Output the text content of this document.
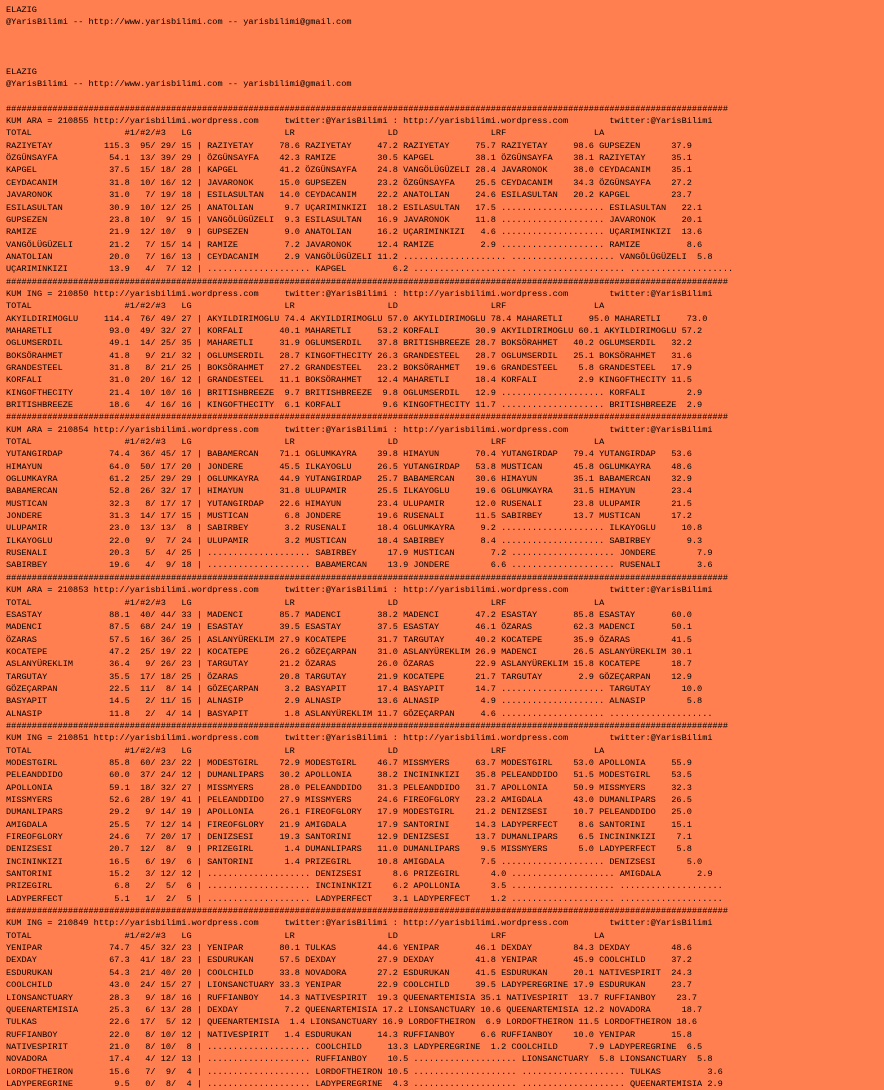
ELAZIG
@YarisBilimi -- http://www.yarisbilimi.com -- yarisbilimi@gmail.com
ELAZIG
@YarisBilimi -- http://www.yarisbilimi.com -- yarisbilimi@gmail.com
############################################################################################################################################
KUM ARA = 210855 http://yarisbilimi.wordpress.com     twitter:@YarisBilimi : http://yarisbilimi.wordpress.com        twitter:@YarisBilimi
TOTAL                  #1/#2/#3   LG                  LR                  LD                  LRF                 LA
RAZIYETAY          115.3  95/ 29/ 15 | RAZIYETAY     78.6 RAZIYETAY     47.2 RAZIYETAY     75.7 RAZIYETAY     98.6 GUPSEZEN      37.9
ÖZGÜNSAYFA          54.1  13/ 39/ 29 | ÖZGÜNSAYFA    42.3 RAMIZE        30.5 KAPGEL        38.1 ÖZGÜNSAYFA    38.1 RAZIYETAY     35.1
KAPGEL              37.5  15/ 18/ 28 | KAPGEL        41.2 ÖZGÜNSAYFA    24.8 VANGÖLÜGÜZELI 28.4 JAVARONOK     38.0 CEYDACANIM    35.1
CEYDACANIM          31.8  10/ 16/ 12 | JAVARONOK     15.0 GUPSEZEN      23.2 ÖZGÜNSAYFA    25.5 CEYDACANIM    34.3 ÖZGÜNSAYFA    27.2
JAVARONOK           31.0   7/ 19/ 18 | ESILASULTAN   14.0 CEYDACANIM    22.2 ANATOLIAN     24.6 ESILASULTAN   20.2 KAPGEL        23.7
ESILASULTAN         30.9  10/ 12/ 25 | ANATOLIAN      9.7 UÇARIMINKIZI  18.2 ESILASULTAN   17.5 .................... ESILASULTAN   22.1
GUPSEZEN            23.8  10/  9/ 15 | VANGÖLÜGÜZELI  9.3 ESILASULTAN   16.9 JAVARONOK     11.8 .................... JAVARONOK     20.1
RAMIZE              21.9  12/ 10/  9 | GUPSEZEN       9.0 ANATOLIAN     16.2 UÇARIMINKIZI   4.6 .................... UÇARIMINKIZI  13.6
VANGÖLÜGÜZELI       21.2   7/ 15/ 14 | RAMIZE         7.2 JAVARONOK     12.4 RAMIZE         2.9 .................... RAMIZE         8.6
ANATOLIAN           20.0   7/ 16/ 13 | CEYDACANIM     2.9 VANGÖLÜGÜZELI 11.2 .................... .................... VANGÖLÜGÜZELI  5.8
UÇARIMINKIZI        13.9   4/  7/ 12 | .................... KAPGEL         6.2 .................... .................... ....................
############################################################################################################################################
KUM ING = 210850 http://yarisbilimi.wordpress.com     twitter:@YarisBilimi : http://yarisbilimi.wordpress.com        twitter:@YarisBilimi
TOTAL                  #1/#2/#3   LG                  LR                  LD                  LRF                 LA
AKYILDIRIMOGLU     114.4  76/ 49/ 27 | AKYILDIRIMOGLU 74.4 AKYILDIRIMOGLU 57.0 AKYILDIRIMOGLU 78.4 MAHARETLI     95.0 MAHARETLI     73.0
MAHARETLI           93.0  49/ 32/ 27 | KORFALI       40.1 MAHARETLI     53.2 KORFALI       30.9 AKYILDIRIMOGLU 60.1 AKYILDIRIMOGLU 57.2
OGLUMSERDIL         49.1  14/ 25/ 35 | MAHARETLI     31.9 OGLUMSERDIL   37.8 BRITISHBREEZE 28.7 BOKSÖRAHMET   40.2 OGLUMSERDIL   32.2
BOKSÖRAHMET         41.8   9/ 21/ 32 | OGLUMSERDIL   28.7 KINGOFTHECITY 26.3 GRANDESTEEL   28.7 OGLUMSERDIL   25.1 BOKSÖRAHMET   31.6
GRANDESTEEL         31.8   8/ 21/ 25 | BOKSÖRAHMET   27.2 GRANDESTEEL   23.2 BOKSÖRAHMET   19.6 GRANDESTEEL    5.8 GRANDESTEEL   17.9
KORFALI             31.0  20/ 16/ 12 | GRANDESTEEL   11.1 BOKSÖRAHMET   12.4 MAHARETLI     18.4 KORFALI        2.9 KINGOFTHECITY 11.5
KINGOFTHECITY       21.4  10/ 10/ 16 | BRITISHBREEZE  9.7 BRITISHBREEZE  9.8 OGLUMSERDIL   12.9 .................... KORFALI        2.9
BRITISHBREEZE       18.6   4/ 16/ 16 | KINGOFTHECITY  6.1 KORFALI        9.6 KINGOFTHECITY 11.7 .................... BRITISHBREEZE  2.9
############################################################################################################################################
KUM ARA = 210854 http://yarisbilimi.wordpress.com     twitter:@YarisBilimi : http://yarisbilimi.wordpress.com        twitter:@YarisBilimi
TOTAL                  #1/#2/#3   LG                  LR                  LD                  LRF                 LA
YUTANGIRDAP         74.4  36/ 45/ 17 | BABAMERCAN    71.1 OGLUMKAYRA    39.8 HIMAYUN       70.4 YUTANGIRDAP   79.4 YUTANGIRDAP   53.6
HIMAYUN             64.0  50/ 17/ 20 | JONDERE       45.5 ILKAYOGLU     26.5 YUTANGIRDAP   53.8 MUSTICAN      45.8 OGLUMKAYRA    48.6
OGLUMKAYRA          61.2  25/ 29/ 29 | OGLUMKAYRA    44.9 YUTANGIRDAP   25.7 BABAMERCAN    30.6 HIMAYUN       35.1 BABAMERCAN    32.9
BABAMERCAN          52.8  26/ 32/ 17 | HIMAYUN       31.8 ULUPAMIR      25.5 ILKAYOGLU     19.6 OGLUMKAYRA    31.5 HIMAYUN       23.4
MUSTICAN            32.3   8/ 17/ 17 | YUTANGIRDAP   22.6 HIMAYUN       23.4 ULUPAMIR      12.0 RUSENALI      23.8 ULUPAMIR      21.5
JONDERE             31.3  14/ 17/ 15 | MUSTICAN       6.8 JONDERE       19.6 RUSENALI      11.5 SABIRBEY      13.7 MUSTICAN      17.2
ULUPAMIR            23.0  13/ 13/  8 | SABIRBEY       3.2 RUSENALI      18.4 OGLUMKAYRA     9.2 .................... ILKAYOGLU     10.8
ILKAYOGLU           22.0   9/  7/ 24 | ULUPAMIR       3.2 MUSTICAN      18.4 SABIRBEY       8.4 .................... SABIRBEY       9.3
RUSENALI            20.3   5/  4/ 25 | .................... SABIRBEY      17.9 MUSTICAN       7.2 .................... JONDERE        7.9
SABIRBEY            19.6   4/  9/ 18 | .................... BABAMERCAN    13.9 JONDERE        6.6 .................... RUSENALI       3.6
############################################################################################################################################
KUM ARA = 210853 http://yarisbilimi.wordpress.com     twitter:@YarisBilimi : http://yarisbilimi.wordpress.com        twitter:@YarisBilimi
TOTAL                  #1/#2/#3   LG                  LR                  LD                  LRF                 LA
ESASTAY             88.1  40/ 44/ 33 | MADENCI       85.7 MADENCI       38.2 MADENCI       47.2 ESASTAY       85.8 ESASTAY       60.0
MADENCI             87.5  68/ 24/ 19 | ESASTAY       39.5 ESASTAY       37.5 ESASTAY       46.1 ÖZARAS        62.3 MADENCI       50.1
ÖZARAS              57.5  16/ 36/ 25 | ASLANYÜREKLIM 27.9 KOCATEPE      31.7 TARGUTAY      40.2 KOCATEPE      35.9 ÖZARAS        41.5
KOCATEPE            47.2  25/ 19/ 22 | KOCATEPE      26.2 GÖZEÇARPAN    31.0 ASLANYÜREKLIM 26.9 MADENCI       26.5 ASLANYÜREKLIM 30.1
ASLANYÜREKLIM       36.4   9/ 26/ 23 | TARGUTAY      21.2 ÖZARAS        26.0 ÖZARAS        22.9 ASLANYÜREKLIM 15.8 KOCATEPE      18.7
TARGUTAY            35.5  17/ 18/ 25 | ÖZARAS        20.8 TARGUTAY      21.9 KOCATEPE      21.7 TARGUTAY       2.9 GÖZEÇARPAN    12.9
GÖZEÇARPAN          22.5  11/  8/ 14 | GÖZEÇARPAN     3.2 BASYAPIT      17.4 BASYAPIT      14.7 .................... TARGUTAY      10.0
BASYAPIT            14.5   2/ 11/ 15 | ALNASIP        2.9 ALNASIP       13.6 ALNASIP        4.9 .................... ALNASIP        5.8
ALNASIP             11.8   2/  4/ 14 | BASYAPIT       1.8 ASLANYÜREKLIM 11.7 GÖZEÇARPAN     4.6 .................... ....................
############################################################################################################################################
KUM ING = 210851 http://yarisbilimi.wordpress.com     twitter:@YarisBilimi : http://yarisbilimi.wordpress.com        twitter:@YarisBilimi
TOTAL                  #1/#2/#3   LG                  LR                  LD                  LRF                 LA
MODESTGIRL          85.8  60/ 23/ 22 | MODESTGIRL    72.9 MODESTGIRL    46.7 MISSMYERS     63.7 MODESTGIRL    53.0 APOLLONIA     55.9
PELEANDDIDO         60.0  37/ 24/ 12 | DUMANLIPARS   30.2 APOLLONIA     38.2 INCININKIZI   35.8 PELEANDDIDO   51.5 MODESTGIRL    53.5
APOLLONIA           59.1  18/ 32/ 27 | MISSMYERS     28.0 PELEANDDIDO   31.3 PELEANDDIDO   31.7 APOLLONIA     50.9 MISSMYERS     32.3
MISSMYERS           52.6  28/ 19/ 41 | PELEANDDIDO   27.9 MISSMYERS     24.6 FIREOFGLORY   23.2 AMIGDALA      43.0 DUMANLIPARS   26.5
DUMANLIPARS         29.2   9/ 14/ 19 | APOLLONIA     26.1 FIREOFGLORY   17.9 MODESTGIRL    21.2 DENIZSESI     10.7 PELEANDDIDO   25.0
AMIGDALA            25.5   7/ 12/ 14 | FIREOFGLORY   21.9 AMIGDALA      17.9 SANTORINI     14.3 LADYPERFECT    8.6 SANTORINI     15.1
FIREOFGLORY         24.6   7/ 20/ 17 | DENIZSESI     19.3 SANTORINI     12.9 DENIZSESI     13.7 DUMANLIPARS    6.5 INCININKIZI    7.1
DENIZSESI           20.7  12/  8/  9 | PRIZEGIRL      1.4 DUMANLIPARS   11.0 DUMANLIPARS    9.5 MISSMYERS      5.0 LADYPERFECT    5.8
INCININKIZI         16.5   6/ 19/  6 | SANTORINI      1.4 PRIZEGIRL     10.8 AMIGDALA       7.5 .................... DENIZSESI      5.0
SANTORINI           15.2   3/ 12/ 12 | .................... DENIZSESI      8.6 PRIZEGIRL      4.0 .................... AMIGDALA       2.9
PRIZEGIRL            6.8   2/  5/  6 | .................... INCININKIZI    6.2 APOLLONIA      3.5 .................... ....................
LADYPERFECT          5.1   1/  2/  5 | .................... LADYPERFECT    3.1 LADYPERFECT    1.2 .................... ....................
############################################################################################################################################
KUM ING = 210849 http://yarisbilimi.wordpress.com     twitter:@YarisBilimi : http://yarisbilimi.wordpress.com        twitter:@YarisBilimi
TOTAL                  #1/#2/#3   LG                  LR                  LD                  LRF                 LA
YENIPAR             74.7  45/ 32/ 23 | YENIPAR       80.1 TULKAS        44.6 YENIPAR       46.1 DEXDAY        84.3 DEXDAY        48.6
DEXDAY              67.3  41/ 18/ 23 | ESDURUKAN     57.5 DEXDAY        27.9 DEXDAY        41.8 YENIPAR       45.9 COOLCHILD     37.2
ESDURUKAN           54.3  21/ 40/ 20 | COOLCHILD     33.8 NOVADORA      27.2 ESDURUKAN     41.5 ESDURUKAN     20.1 NATIVESPIRIT  24.3
COOLCHILD           43.0  24/ 15/ 27 | LIONSANCTUARY 33.3 YENIPAR       22.9 COOLCHILD     39.5 LADYPEREGRINE 17.9 ESDURUKAN     23.7
LIONSANCTUARY       28.3   9/ 18/ 16 | RUFFIANBOY    14.3 NATIVESPIRIT  19.3 QUEENARTEMISIA 35.1 NATIVESPIRIT  13.7 RUFFIANBOY    23.7
QUEENARTEMISIA      25.3   6/ 13/ 28 | DEXDAY         7.2 QUEENARTEMISIA 17.2 LIONSANCTUARY 10.6 QUEENARTEMISIA 12.2 NOVADORA      18.7
TULKAS              22.6  17/  5/ 12 | QUEENARTEMISIA  1.4 LIONSANCTUARY 16.9 LORDOFTHEIRON  6.9 LORDOFTHEIRON 11.5 LORDOFTHEIRON 18.6
RUFFIANBOY          22.0   8/ 10/ 12 | NATIVESPIRIT   1.4 ESDURUKAN     14.3 RUFFIANBOY     6.6 RUFFIANBOY    10.0 YENIPAR       15.8
NATIVESPIRIT        21.0   8/ 10/  8 | .................... COOLCHILD     13.3 LADYPEREGRINE  1.2 COOLCHILD      7.9 LADYPEREGRINE  6.5
NOVADORA            17.4   4/ 12/ 13 | .................... RUFFIANBOY    10.5 .................... LIONSANCTUARY  5.8 LIONSANCTUARY  5.8
LORDOFTHEIRON       15.6   7/  9/  4 | .................... LORDOFTHEIRON 10.5 .................... .................... TULKAS         3.6
LADYPEREGRINE        9.5   0/  8/  4 | .................... LADYPEREGRINE  4.3 .................... .................... QUEENARTEMISIA 2.9
